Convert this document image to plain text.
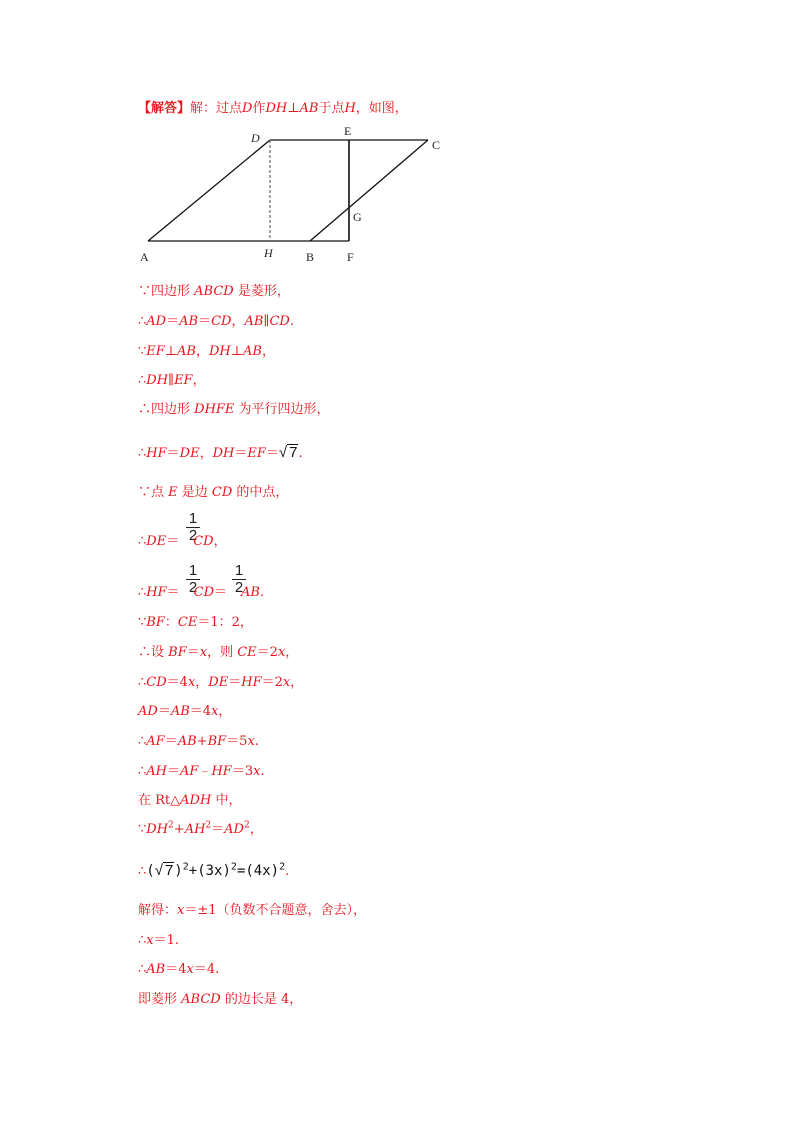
【解答】解：过点D作DH⊥AB于点H，如图，
A
D	E
C
G
H	B	F
∵四边形 ABCD 是菱形，
∴AD＝AB＝CD，AB∥CD.
∵EF⊥AB，DH⊥AB，
∴DH∥EF，
∴四边形 DHFE 为平行四边形，
∴HF＝DE，DH＝EF＝√ 7.
∵点 E 是边 CD 的中点，
1
2
∴DE＝ CD，
1
2
1
2
∴HF＝ CD＝ AB.
∵BF：CE＝1：2，
∴设 BF＝x，则 CE＝2x，
∴CD＝4x，DE＝HF＝2x，
AD＝AB＝4x，
∴AF＝AB+BF＝5x.
∴AH＝AF﹣HF＝3x.
在 Rt△ADH 中，
$\because DH^2+AH^2=AD^2$，
∴(√ $7)^2+(3x)^2=(4x)^2$.
解得：x＝±1（负数不合题意，舍去），
∴x＝1.
∴AB＝4x＝4.
即菱形 ABCD 的边长是 4，
